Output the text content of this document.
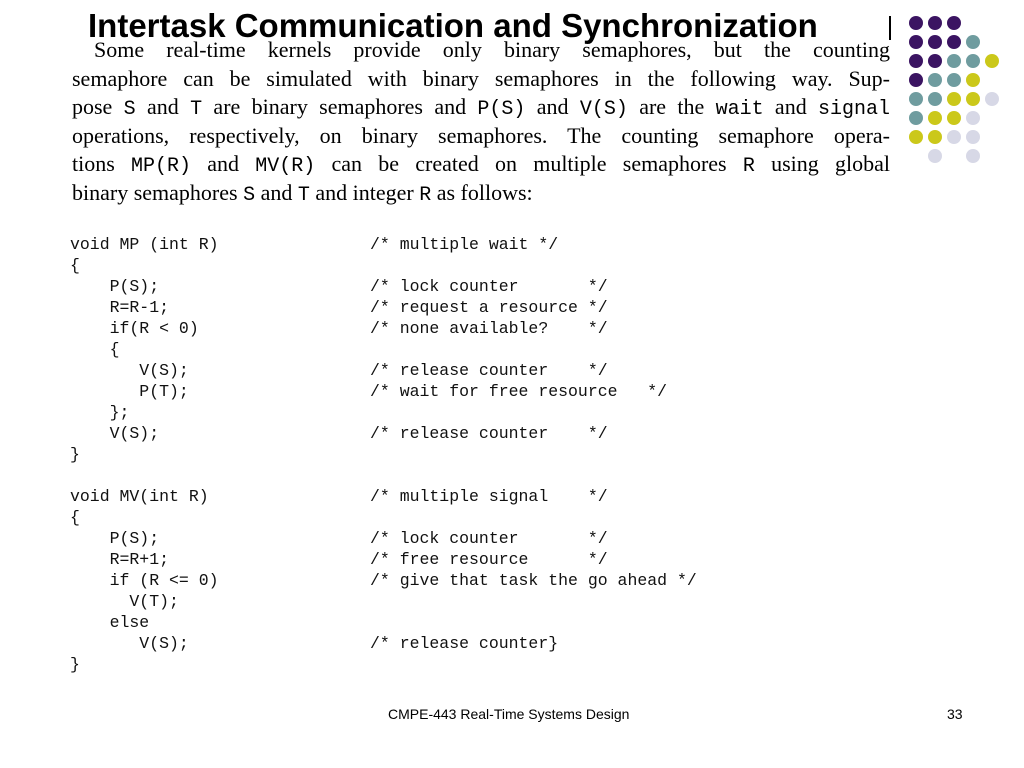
Intertask Communication and Synchronization
Some real-time kernels provide only binary semaphores, but the counting
semaphore can be simulated with binary semaphores in the following way. Sup-
pose S and T are binary semaphores and P(S) and V(S) are the wait and signal
operations, respectively, on binary semaphores. The counting semaphore opera-
tions MP(R) and MV(R) can be created on multiple semaphores R using global
binary semaphores S and T and integer R as follows:
void MP (int R)	/* multiple wait */
{
P(S);	/* lock counter       */
R=R-1;	/* request a resource */
if(R < 0)	/* none available?    */
{
V(S);	/* release counter    */
P(T);	/* wait for free resource   */
};
V(S);	/* release counter    */
}
void MV(int R)	/* multiple signal    */
{
P(S);	/* lock counter       */
R=R+1;	/* free resource      */
if (R <= 0)	/* give that task the go ahead */
V(T);
else
V(S);	/* release counter}
}
CMPE-443 Real-Time Systems Design	33
